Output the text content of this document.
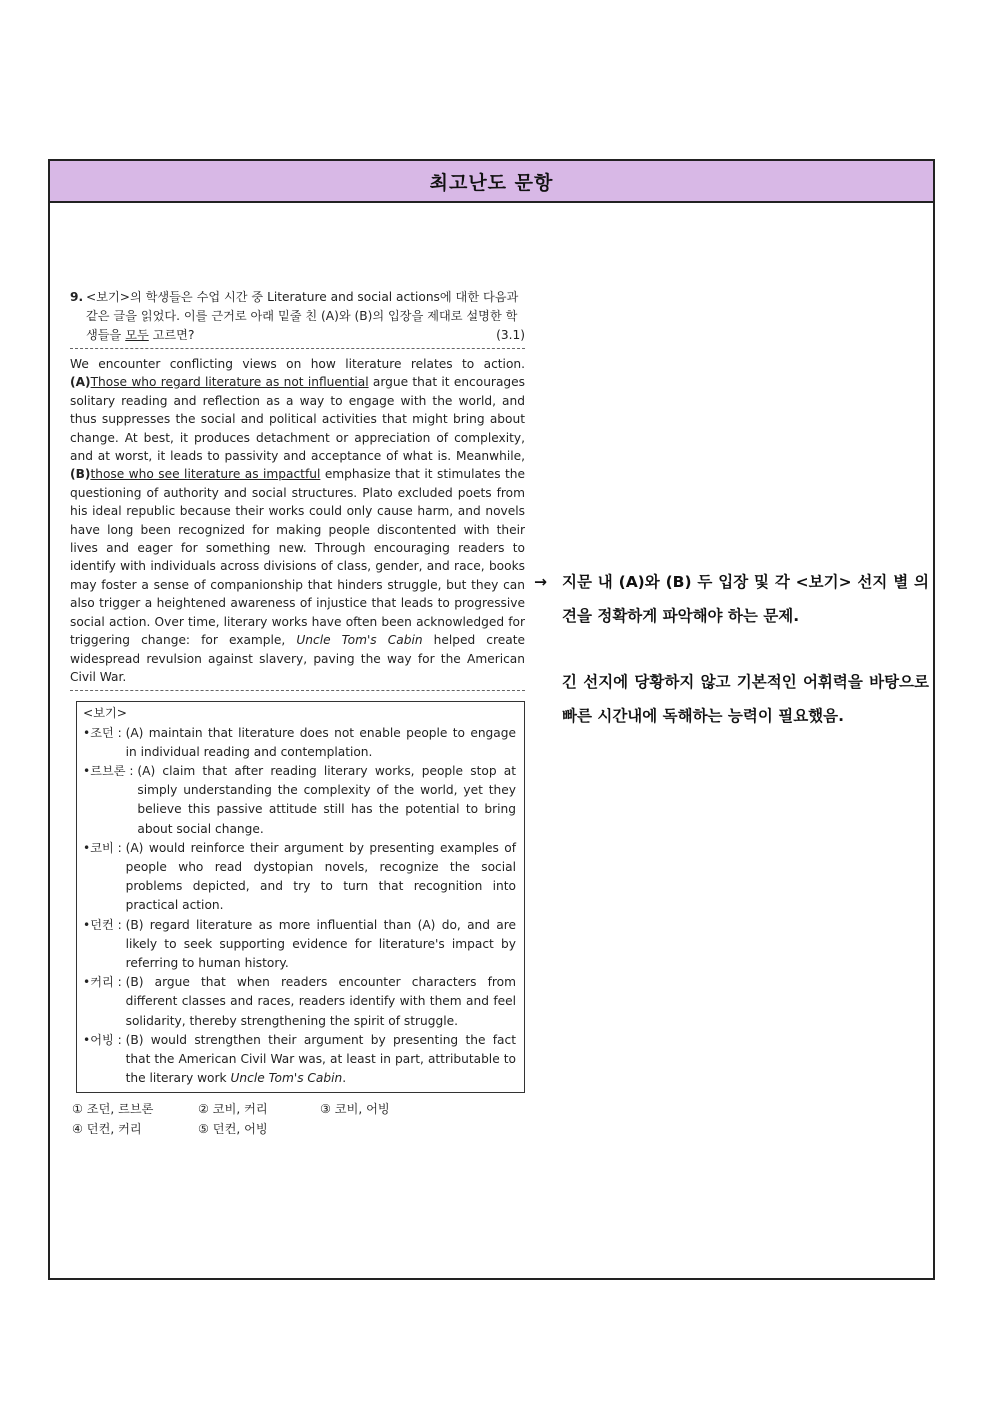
최고난도 문항
9. <보기>의 학생들은 수업 시간 중 Literature and social actions에 대한 다음과 같은 글을 읽었다. 이를 근거로 아래 밑줄 친 (A)와 (B)의 입장을 제대로 설명한 학생들을 모두 고르면?	(3.1)
We encounter conflicting views on how literature relates to action. (A)Those who regard literature as not influential argue that it encourages solitary reading and reflection as a way to engage with the world, and thus suppresses the social and political activities that might bring about change. At best, it produces detachment or appreciation of complexity, and at worst, it leads to passivity and acceptance of what is. Meanwhile, (B)those who see literature as impactful emphasize that it stimulates the questioning of authority and social structures. Plato excluded poets from his ideal republic because their works could only cause harm, and novels have long been recognized for making people discontented with their lives and eager for something new. Through encouraging readers to identify with individuals across divisions of class, gender, and race, books may foster a sense of companionship that hinders struggle, but they can also trigger a heightened awareness of injustice that leads to progressive social action. Over time, literary works have often been acknowledged for triggering change: for example, Uncle Tom's Cabin helped create widespread revulsion against slavery, paving the way for the American Civil War.
<보기>
•조던 : (A) maintain that literature does not enable people to engage in individual reading and contemplation.
•르브론 : (A) claim that after reading literary works, people stop at simply understanding the complexity of the world, yet they believe this passive attitude still has the potential to bring about social change.
•코비 : (A) would reinforce their argument by presenting examples of people who read dystopian novels, recognize the social problems depicted, and try to turn that recognition into practical action.
•던컨 : (B) regard literature as more influential than (A) do, and are likely to seek supporting evidence for literature's impact by referring to human history.
•커리 : (B) argue that when readers encounter characters from different classes and races, readers identify with them and feel solidarity, thereby strengthening the spirit of struggle.
•어빙 : (B) would strengthen their argument by presenting the fact that the American Civil War was, at least in part, attributable to the literary work Uncle Tom's Cabin.
① 조던, 르브론	② 코비, 커리	③ 코비, 어빙
④ 던컨, 커리	⑤ 던컨, 어빙
→ 지문 내 (A)와 (B) 두 입장 및 각 <보기> 선지 별 의견을 정확하게 파악해야 하는 문제.

긴 선지에 당황하지 않고 기본적인 어휘력을 바탕으로 빠른 시간내에 독해하는 능력이 필요했음.
